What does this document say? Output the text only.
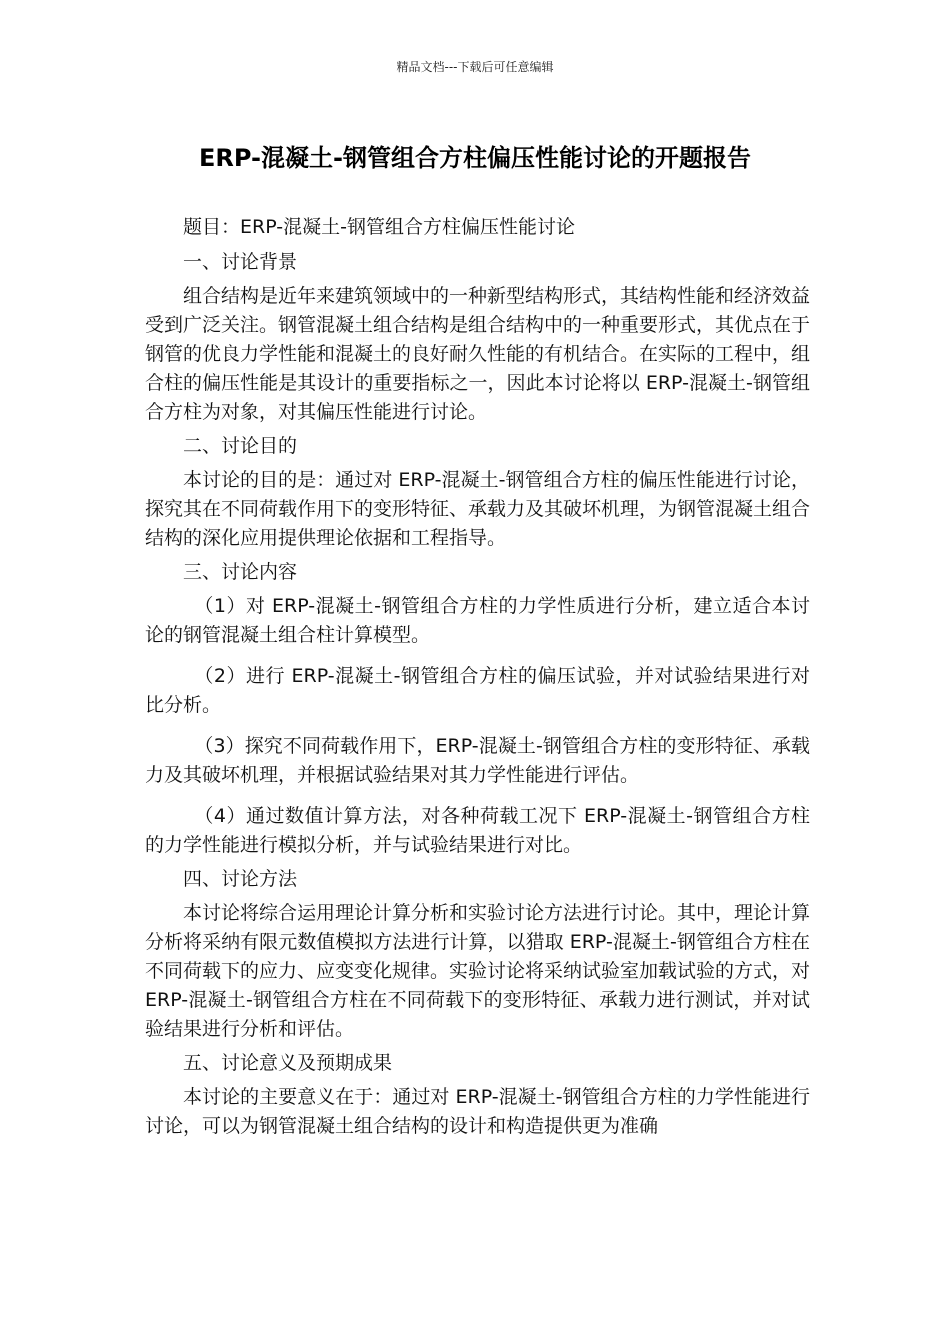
精品文档---下载后可任意编辑
ERP-混凝土-钢管组合方柱偏压性能讨论的开题报告

题目：ERP-混凝土-钢管组合方柱偏压性能讨论

一、讨论背景

组合结构是近年来建筑领域中的一种新型结构形式，其结构性能和经济效益受到广泛关注。钢管混凝土组合结构是组合结构中的一种重要形式，其优点在于钢管的优良力学性能和混凝土的良好耐久性能的有机结合。在实际的工程中，组合柱的偏压性能是其设计的重要指标之一，因此本讨论将以 ERP-混凝土-钢管组合方柱为对象，对其偏压性能进行讨论。

二、讨论目的

本讨论的目的是：通过对 ERP-混凝土-钢管组合方柱的偏压性能进行讨论，探究其在不同荷载作用下的变形特征、承载力及其破坏机理，为钢管混凝土组合结构的深化应用提供理论依据和工程指导。

三、讨论内容

（1）对 ERP-混凝土-钢管组合方柱的力学性质进行分析，建立适合本讨论的钢管混凝土组合柱计算模型。

（2）进行 ERP-混凝土-钢管组合方柱的偏压试验，并对试验结果进行对比分析。

（3）探究不同荷载作用下，ERP-混凝土-钢管组合方柱的变形特征、承载力及其破坏机理，并根据试验结果对其力学性能进行评估。

（4）通过数值计算方法，对各种荷载工况下 ERP-混凝土-钢管组合方柱的力学性能进行模拟分析，并与试验结果进行对比。

四、讨论方法

本讨论将综合运用理论计算分析和实验讨论方法进行讨论。其中，理论计算分析将采纳有限元数值模拟方法进行计算，以猎取 ERP-混凝土-钢管组合方柱在不同荷载下的应力、应变变化规律。实验讨论将采纳试验室加载试验的方式，对 ERP-混凝土-钢管组合方柱在不同荷载下的变形特征、承载力进行测试，并对试验结果进行分析和评估。

五、讨论意义及预期成果

本讨论的主要意义在于：通过对 ERP-混凝土-钢管组合方柱的力学性能进行讨论，可以为钢管混凝土组合结构的设计和构造提供更为准确
